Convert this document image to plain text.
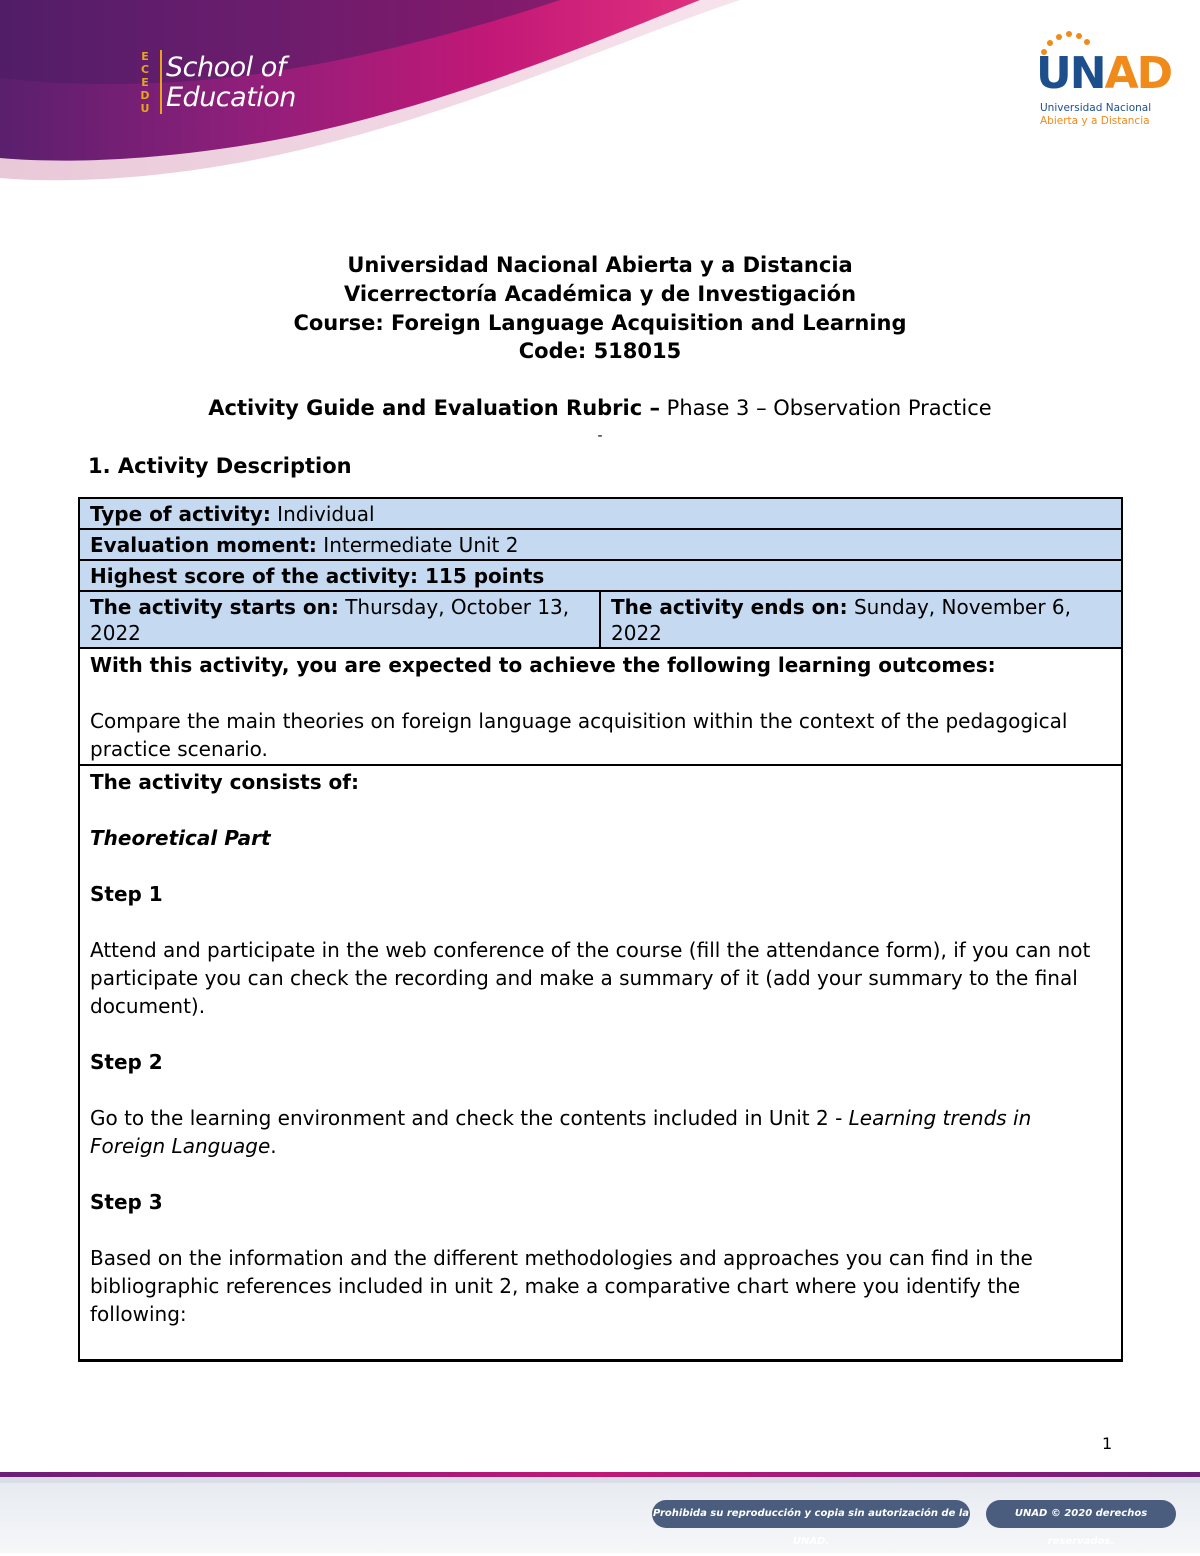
E
C
E
D
U
School of
Education	UNAD
Universidad Nacional
Abierta y a Distancia
Universidad Nacional Abierta y a Distancia
Vicerrectoría Académica y de Investigación
Course: Foreign Language Acquisition and Learning
Code: 518015
Activity Guide and Evaluation Rubric – Phase 3 – Observation Practice
-
1. Activity Description
Type of activity: Individual
Evaluation moment: Intermediate Unit 2
Highest score of the activity: 115 points
The activity starts on: Thursday, October 13, 2022	The activity ends on: Sunday, November 6, 2022

With this activity, you are expected to achieve the following learning outcomes:

Compare the main theories on foreign language acquisition within the context of the pedagogical practice scenario.

The activity consists of:

Theoretical Part

Step 1

Attend and participate in the web conference of the course (fill the attendance form), if you can not participate you can check the recording and make a summary of it (add your summary to the final document).

Step 2

Go to the learning environment and check the contents included in Unit 2 - Learning trends in Foreign Language.

Step 3

Based on the information and the different methodologies and approaches you can find in the bibliographic references included in unit 2, make a comparative chart where you identify the following:

1
Prohibida su reproducción y copia sin autorización de la UNAD.
UNAD © 2020 derechos reservados.
